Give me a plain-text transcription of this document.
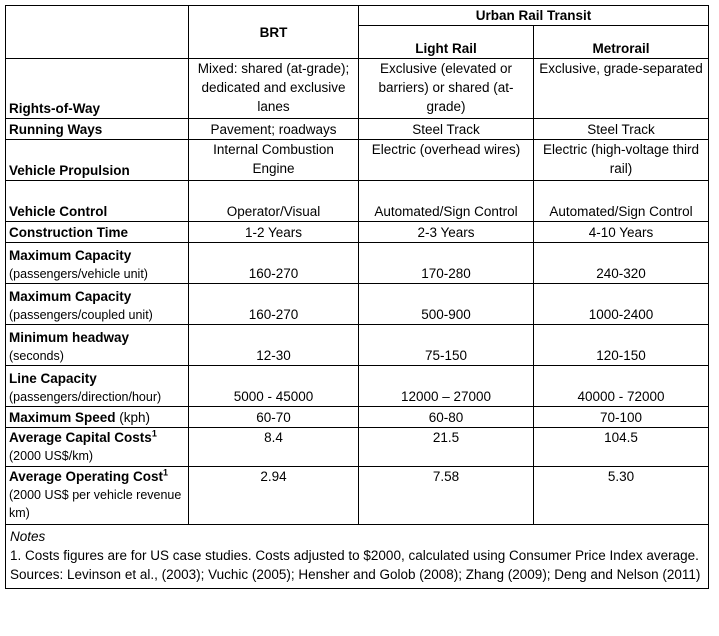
	BRT	Urban Rail Transit	
		Light Rail	Metrorail
Rights-of-Way	Mixed: shared (at-grade); dedicated and exclusive lanes	Exclusive (elevated or barriers) or shared (at-grade)	Exclusive, grade-separated
Running Ways	Pavement; roadways	Steel Track	Steel Track
Vehicle Propulsion	Internal Combustion Engine	Electric (overhead wires)	Electric (high-voltage third rail)
Vehicle Control	Operator/Visual	Automated/Sign Control	Automated/Sign Control
Construction Time	1-2 Years	2-3 Years	4-10 Years
Maximum Capacity
(passengers/vehicle unit)	160-270	170-280	240-320
Maximum Capacity
(passengers/coupled unit)	160-270	500-900	1000-2400
Minimum headway
(seconds)	12-30	75-150	120-150
Line Capacity
(passengers/direction/hour)	5000 - 45000	12000 – 27000	40000 - 72000
Maximum Speed (kph)	60-70	60-80	70-100
Average Capital Costs$^1$
(2000 US$/km)	8.4	21.5	104.5
Average Operating Cost$^1$
(2000 US$ per vehicle revenue km)	2.94	7.58	5.30

Notes
1. Costs figures are for US case studies. Costs adjusted to $2000, calculated using Consumer Price Index average.
Sources: Levinson et al., (2003); Vuchic (2005); Hensher and Golob (2008); Zhang (2009); Deng and Nelson (2011)			
